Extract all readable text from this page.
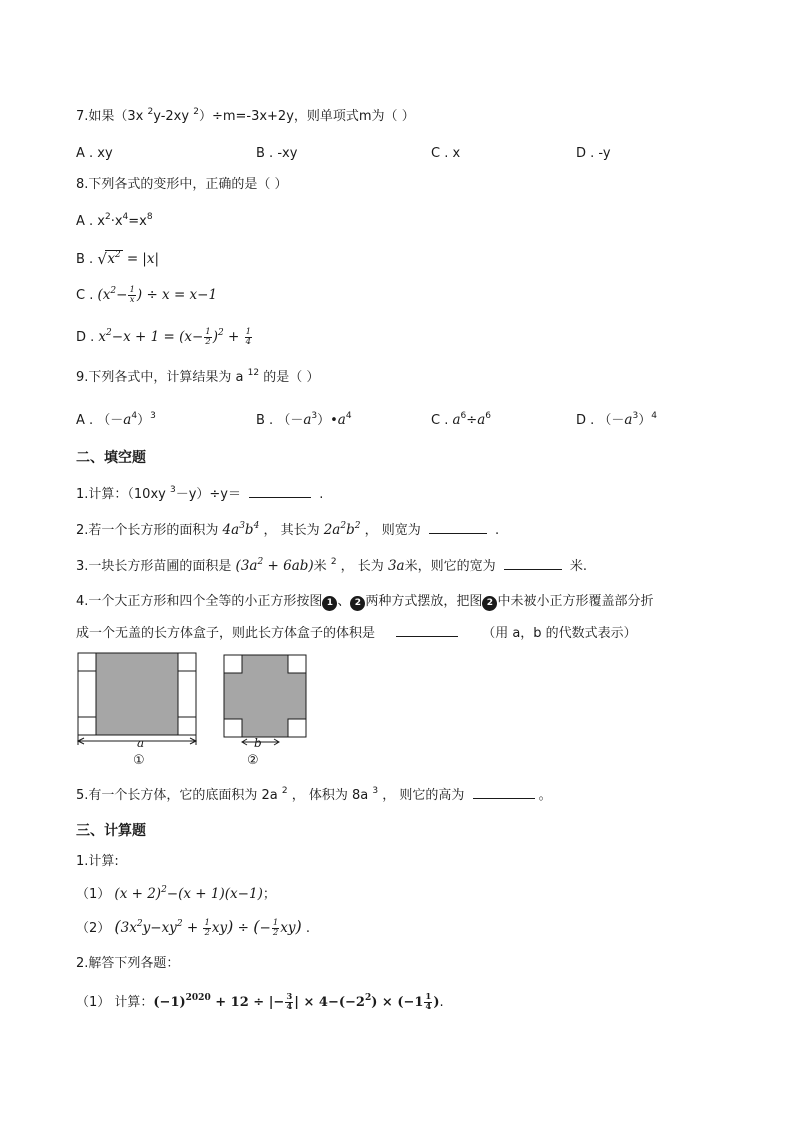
7.如果（3x $^2$y-2xy $^2$）÷m=-3x+2y，则单项式m为（ ）
A . xy	B . -xy	C . x	D . -y
8.下列各式的变形中，正确的是（ ）
A . $x^2\cdot x^4=x^8$
B . √ $x^2 = |x|$
C . ($x^2- \frac{1}{x}$ ) ÷ x = x−1
D . $x^2-x + 1 = (x- \frac{1}{2} )^2 + \frac{1}{4}$
9.下列各式中，计算结果为 a $^{12}$ 的是（ ）
A . $(-a^4)^3$	B . $(-a^3)•a^4$	C . $a^6\div a^6$	D . $(-a^3)^4$
二、填空题
1.计算：（10xy $^3$－y）÷y＝	.
2.若一个长方形的面积为 $4a^3b^4$ ， 其长为 $2a^2b^2$ ， 则宽为	.
3.一块长方形苗圃的面积是 $(3a^2 + 6ab)$米 $^2$ ， 长为 3a米，则它的宽为	米.
4.一个大正方形和四个全等的小正方形按图 1 、 2 两种方式摆放，把图 2 中未被小正方形覆盖部分折
成一个无盖的长方体盒子，则此长方体盒子的体积是	（用 a，b 的代数式表示）
a
①
b
②
5.有一个长方体，它的底面积为 2a $^2$ ， 体积为 8a $^3$ ， 则它的高为	。
三、计算题
1.计算:
（1） $(x + 2)^2-(x + 1)(x-1)$；
（2） $(3x^2y-xy^2 + \frac{1}{2} xy)$ ÷ (− $\frac{1}{2} xy$) .
2.解答下列各题：
（1） 计算：$(-1)^{2020} + 12$ ÷ |− $\frac{3}{4}$ | × $4-(-2^2) \times (-1 \frac{1}{4}$ ).
